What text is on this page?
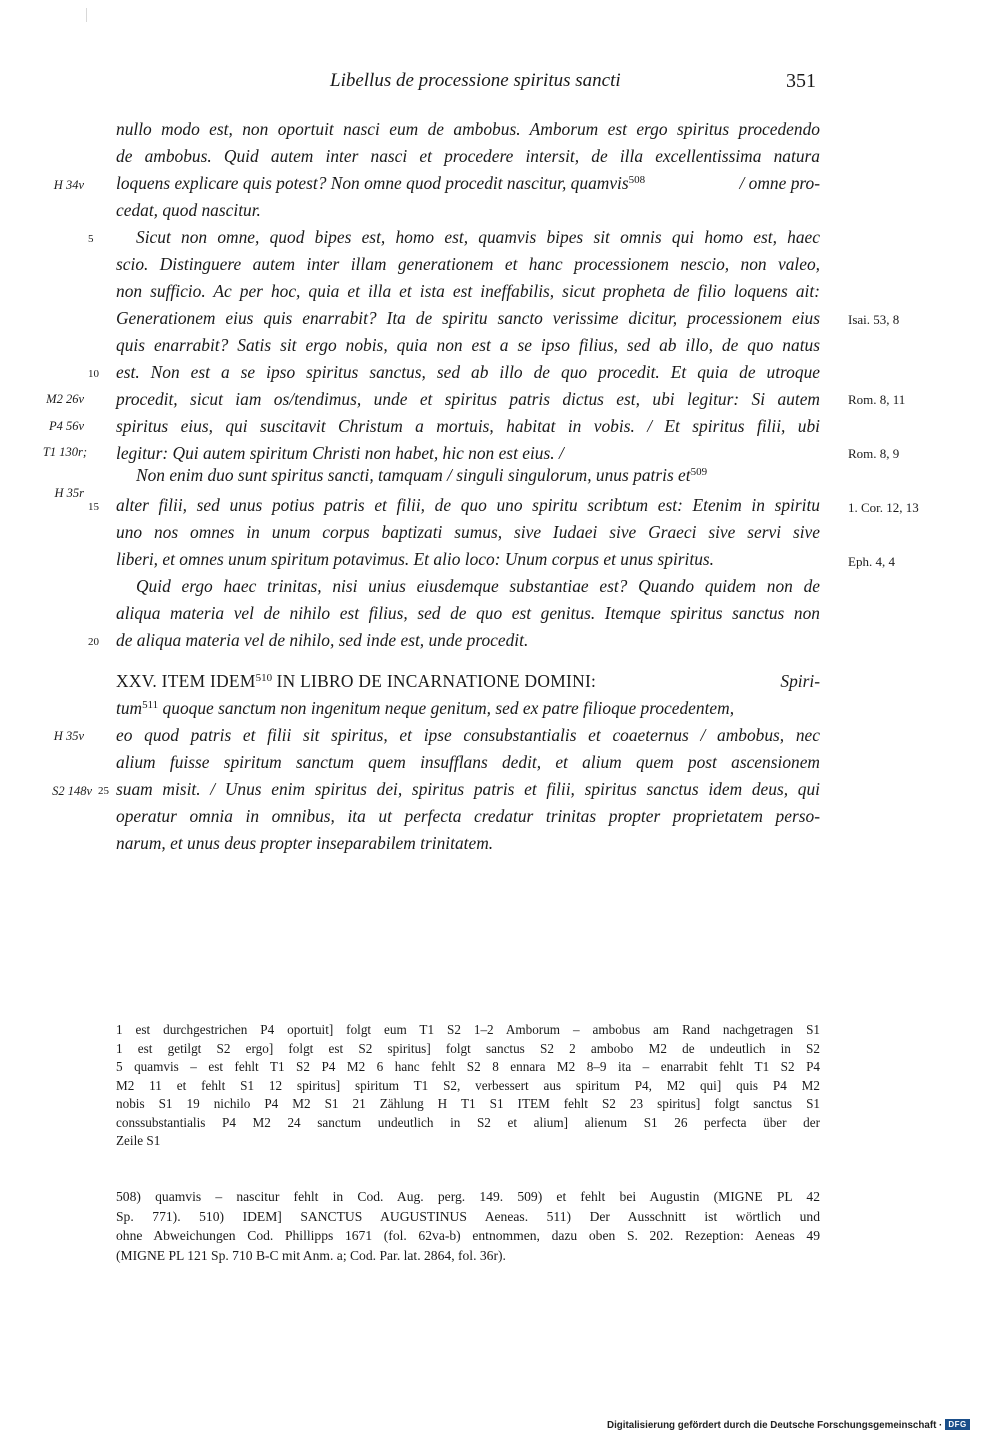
Libellus de processione spiritus sancti	351
nullo modo est, non oportuit nasci eum de ambobus. Amborum est ergo spiritus procedendo
de ambobus. Quid autem inter nasci et procedere intersit, de illa excellentissima natura
loquens explicare quis potest? Non omne quod procedit nascitur, quamvis$^{508}$	/ omne pro-
cedat, quod nascitur.
Sicut non omne, quod bipes est, homo est, quamvis bipes sit omnis qui homo est, haec
scio. Distinguere autem inter illam generationem et hanc processionem nescio, non valeo,
non sufficio. Ac per hoc, quia et illa et ista est ineffabilis, sicut propheta de filio loquens ait:
Generationem eius quis enarrabit? Ita de spiritu sancto verissime dicitur, processionem eius
quis enarrabit? Satis sit ergo nobis, quia non est a se ipso filius, sed ab illo, de quo natus
est. Non est a se ipso spiritus sanctus, sed ab illo de quo procedit. Et quia de utroque
procedit, sicut iam os/tendimus, unde et spiritus patris dictus est, ubi legitur: Si autem
spiritus eius, qui suscitavit Christum a mortuis, habitat in vobis. / Et spiritus filii, ubi
legitur: Qui autem spiritum Christi non habet, hic non est eius. /
Non enim duo sunt spiritus sancti, tamquam / singuli singulorum, unus patris $et^{509}$
alter filii, sed unus potius patris et filii, de quo uno spiritu scribtum est: Etenim in spiritu
uno nos omnes in unum corpus baptizati sumus, sive Iudaei sive Graeci sive servi sive
liberi, et omnes unum spiritum potavimus. Et alio loco: Unum corpus et unus spiritus.
Quid ergo haec trinitas, nisi unius eiusdemque substantiae est? Quando quidem non de
aliqua materia vel de nihilo est filius, sed de quo est genitus. Itemque spiritus sanctus non
de aliqua materia vel de nihilo, sed inde est, unde procedit.
XXV. ITEM IDEM$^{510}$ IN LIBRO DE INCARNATIONE DOMINI:	Spiri-
tum$^{511}$ quoque sanctum non ingenitum neque genitum, sed ex patre filioque procedentem,
eo quod patris et filii sit spiritus, et ipse consubstantialis et coaeternus / ambobus, nec
alium fuisse spiritum sanctum quem insufflans dedit, et alium quem post ascensionem
suam misit. / Unus enim spiritus dei, spiritus patris et filii, spiritus sanctus idem deus, qui
operatur omnia in omnibus, ita ut perfecta credatur trinitas propter proprietatem perso-
narum, et unus deus propter inseparabilem trinitatem.
5
10
15
20
25
H 34v
M2 26v
P4 56v
T1 130r;
H 35r
H 35v
S2 148v
Isai. 53, 8
Rom. 8, 11
Rom. 8, 9
1. Cor. 12, 13
Eph. 4, 4
1 est durchgestrichen P4 oportuit] folgt eum T1 S2 1–2 Amborum – ambobus am Rand nachgetragen S1
1 est getilgt S2 ergo] folgt est S2 spiritus] folgt sanctus S2 2 ambobo M2 de undeutlich in S2
5 quamvis – est fehlt T1 S2 P4 M2 6 hanc fehlt S2 8 ennara M2 8–9 ita – enarrabit fehlt T1 S2 P4
M2 11 et fehlt S1 12 spiritus] spiritum T1 S2, verbessert aus spiritum P4, M2 qui] quis P4 M2
nobis S1 19 nichilo P4 M2 S1 21 Zählung H T1 S1 ITEM fehlt S2 23 spiritus] folgt sanctus S1
conssubstantialis P4 M2 24 sanctum undeutlich in S2 et alium] alienum S1 26 perfecta über der
Zeile S1
508) quamvis – nascitur fehlt in Cod. Aug. perg. 149. 509) et fehlt bei Augustin (MIGNE PL 42
Sp. 771). 510) IDEM] SANCTUS AUGUSTINUS Aeneas. 511) Der Ausschnitt ist wörtlich und
ohne Abweichungen Cod. Phillipps 1671 (fol. 62va-b) entnommen, dazu oben S. 202. Rezeption: Aeneas 49
(MIGNE PL 121 Sp. 710 B-C mit Anm. a; Cod. Par. lat. 2864, fol. 36r).
Digitalisierung gefördert durch die Deutsche Forschungsgemeinschaft · DFG
